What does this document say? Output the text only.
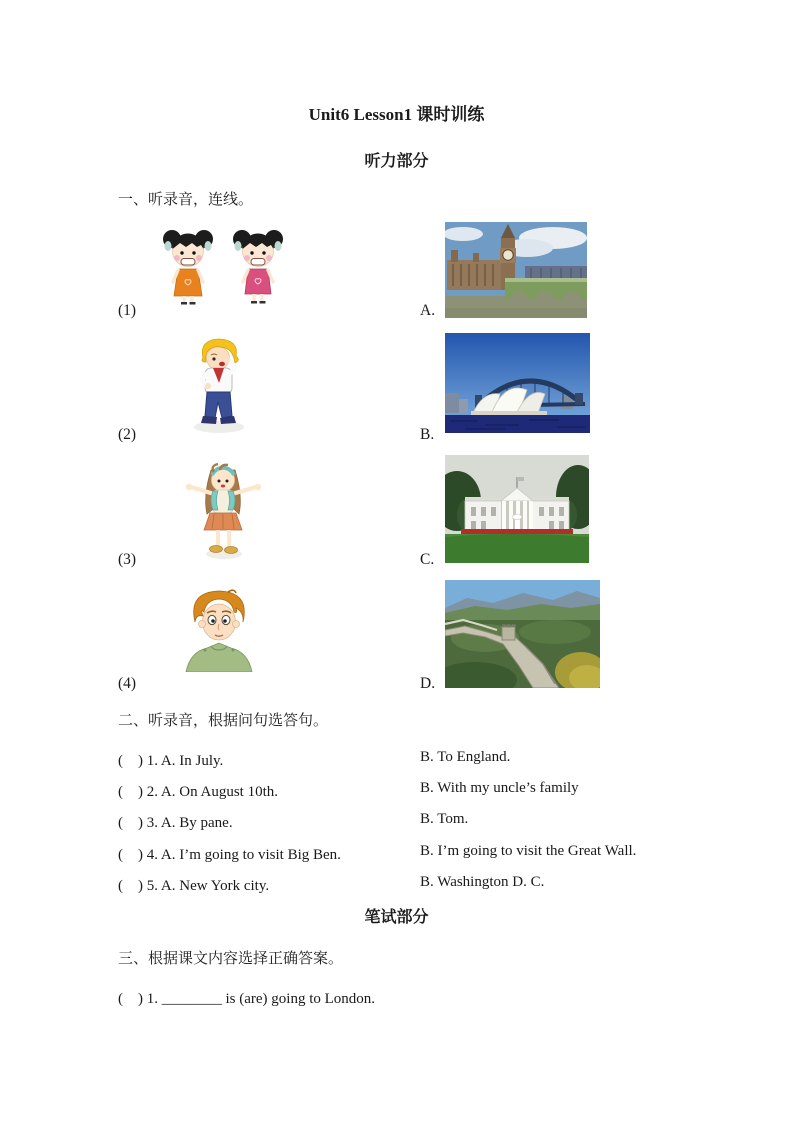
Unit6 Lesson1 课时训练
听力部分
一、听录音，连线。
(1)	A.
(2)	B.
(3)	C.
(4)	D.
二、听录音，根据问句选答句。
(　) 1. A. In July.	B. To England.
(　) 2. A. On August 10th.	B. With my uncle’s family
(　) 3. A. By pane.	B. Tom.
(　) 4. A. I’m going to visit Big Ben.	B. I’m going to visit the Great Wall.
(　) 5. A. New York city.	B. Washington D. C.
笔试部分
三、根据课文内容选择正确答案。
(　) 1. ________ is (are) going to London.
